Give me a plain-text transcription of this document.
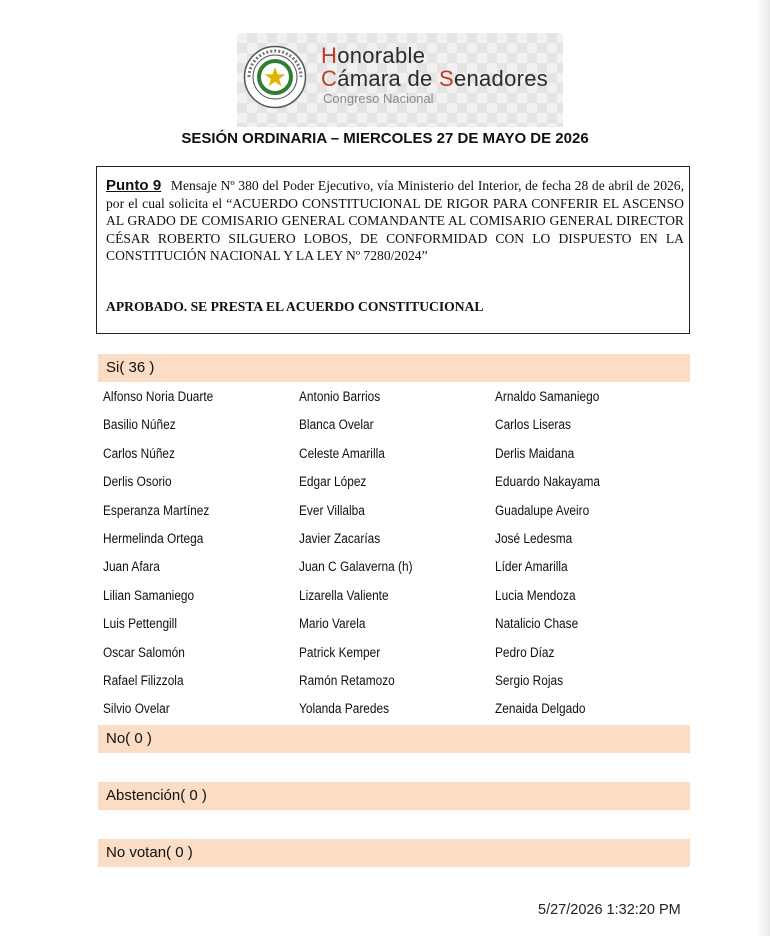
Honorable
Cámara de Senadores
Congreso Nacional
SESIÓN ORDINARIA – MIERCOLES 27 DE MAYO DE 2026
Punto 9 Mensaje Nº 380 del Poder Ejecutivo, vía Ministerio del Interior, de fecha 28 de abril de 2026, por el cual solicita el “ACUERDO CONSTITUCIONAL DE RIGOR PARA CONFERIR EL ASCENSO AL GRADO DE COMISARIO GENERAL COMANDANTE AL COMISARIO GENERAL DIRECTOR CÉSAR ROBERTO SILGUERO LOBOS, DE CONFORMIDAD CON LO DISPUESTO EN LA CONSTITUCIÓN NACIONAL Y LA LEY Nº 7280/2024”
APROBADO. SE PRESTA EL ACUERDO CONSTITUCIONAL
Si( 36 )
Alfonso Noria Duarte	Antonio Barrios	Arnaldo Samaniego
Basilio Núñez	Blanca Ovelar	Carlos Liseras
Carlos Núñez	Celeste Amarilla	Derlis Maidana
Derlis Osorio	Edgar López	Eduardo Nakayama
Esperanza Martínez	Ever Villalba	Guadalupe Aveiro
Hermelinda Ortega	Javier Zacarías	José Ledesma
Juan Afara	Juan C Galaverna (h)	Líder Amarilla
Lilian Samaniego	Lizarella Valiente	Lucia Mendoza
Luis Pettengill	Mario Varela	Natalicio Chase
Oscar Salomón	Patrick Kemper	Pedro Díaz
Rafael Filizzola	Ramón Retamozo	Sergio Rojas
Silvio Ovelar	Yolanda Paredes	Zenaida Delgado
No( 0 )
Abstención( 0 )
No votan( 0 )
5/27/2026 1:32:20 PM
